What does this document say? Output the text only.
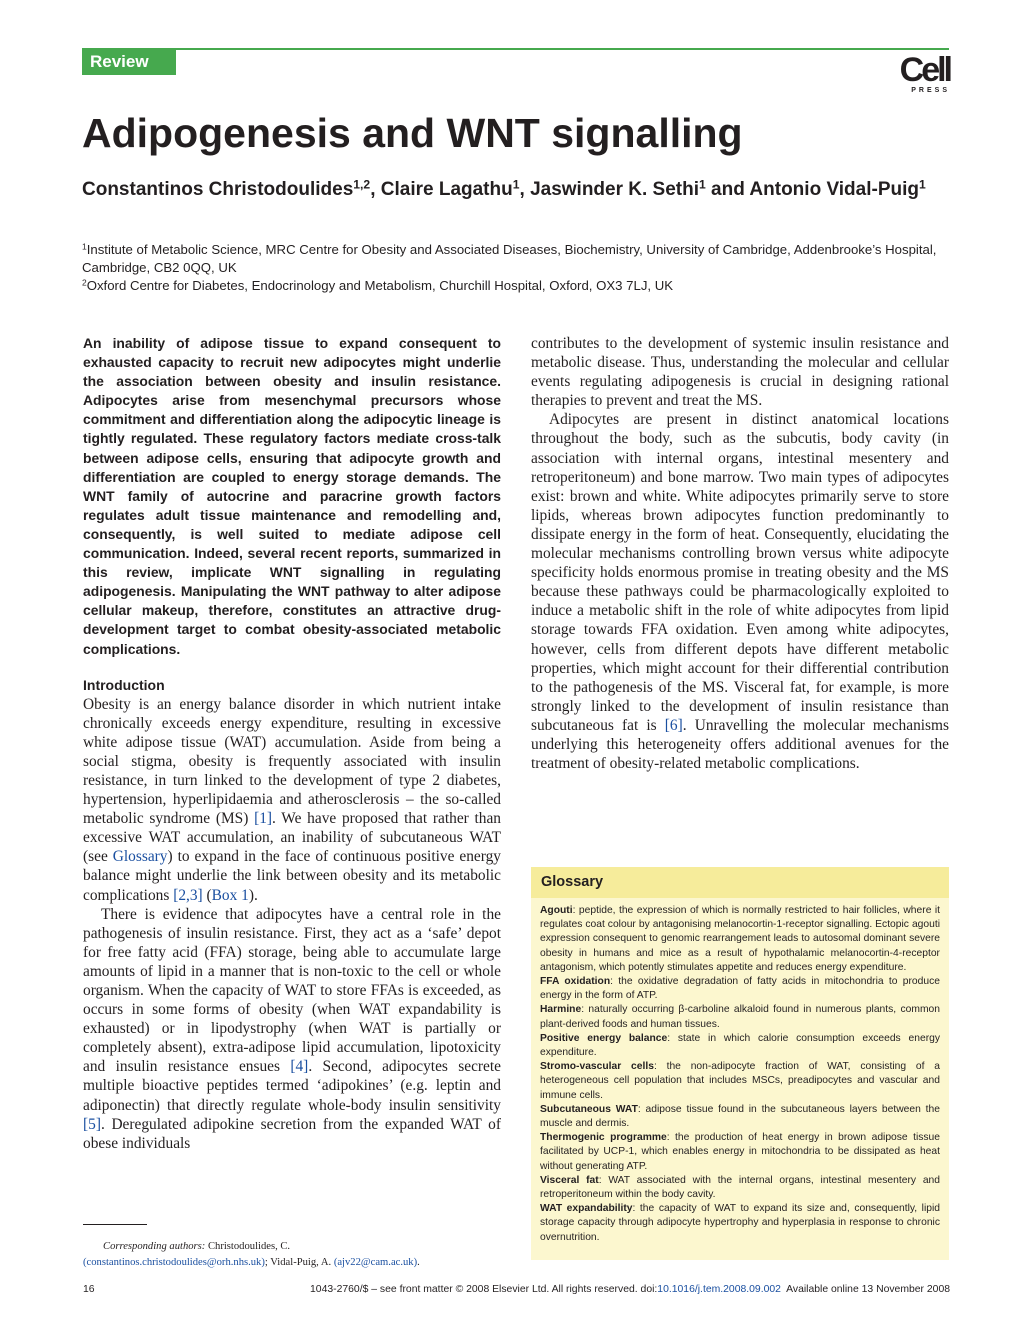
Review	Cell
PRESS
Adipogenesis and WNT signalling

Constantinos Christodoulides$^{1,2}$, Claire Lagathu$^1$, Jaswinder K. Sethi$^1$ and Antonio Vidal-Puig$^1$

$^1$Institute of Metabolic Science, MRC Centre for Obesity and Associated Diseases, Biochemistry, University of Cambridge, Addenbrooke’s Hospital, Cambridge, CB2 0QQ, UK

$^2$Oxford Centre for Diabetes, Endocrinology and Metabolism, Churchill Hospital, Oxford, OX3 7LJ, UK

An inability of adipose tissue to expand consequent to exhausted capacity to recruit new adipocytes might underlie the association between obesity and insulin resistance. Adipocytes arise from mesenchymal precursors whose commitment and differentiation along the adipocytic lineage is tightly regulated. These regulatory factors mediate cross-talk between adipose cells, ensuring that adipocyte growth and differentiation are coupled to energy storage demands. The WNT family of autocrine and paracrine growth factors regulates adult tissue maintenance and remodelling and, consequently, is well suited to mediate adipose cell communication. Indeed, several recent reports, summarized in this review, implicate WNT signalling in regulating adipogenesis. Manipulating the WNT pathway to alter adipose cellular makeup, therefore, constitutes an attractive drug-development target to combat obesity-associated metabolic complications.

Introduction

Obesity is an energy balance disorder in which nutrient intake chronically exceeds energy expenditure, resulting in excessive white adipose tissue (WAT) accumulation. Aside from being a social stigma, obesity is frequently associated with insulin resistance, in turn linked to the development of type 2 diabetes, hypertension, hyperlipidaemia and atherosclerosis – the so-called metabolic syndrome (MS) [1]. We have proposed that rather than excessive WAT accumulation, an inability of subcutaneous WAT (see Glossary) to expand in the face of continuous positive energy balance might underlie the link between obesity and its metabolic complications [2,3] (Box 1).

There is evidence that adipocytes have a central role in the pathogenesis of insulin resistance. First, they act as a ‘safe’ depot for free fatty acid (FFA) storage, being able to accumulate large amounts of lipid in a manner that is non-toxic to the cell or whole organism. When the capacity of WAT to store FFAs is exceeded, as occurs in some forms of obesity (when WAT expandability is exhausted) or in lipodystrophy (when WAT is partially or completely absent), extra-adipose lipid accumulation, lipotoxicity and insulin resistance ensues [4]. Second, adipocytes secrete multiple bioactive peptides termed ‘adipokines’ (e.g. leptin and adiponectin) that directly regulate whole-body insulin sensitivity [5]. Deregulated adipokine secretion from the expanded WAT of obese individuals

contributes to the development of systemic insulin resistance and metabolic disease. Thus, understanding the molecular and cellular events regulating adipogenesis is crucial in designing rational therapies to prevent and treat the MS.

Adipocytes are present in distinct anatomical locations throughout the body, such as the subcutis, body cavity (in association with internal organs, intestinal mesentery and retroperitoneum) and bone marrow. Two main types of adipocytes exist: brown and white. White adipocytes primarily serve to store lipids, whereas brown adipocytes function predominantly to dissipate energy in the form of heat. Consequently, elucidating the molecular mechanisms controlling brown versus white adipocyte specificity holds enormous promise in treating obesity and the MS because these pathways could be pharmacologically exploited to induce a metabolic shift in the role of white adipocytes from lipid storage towards FFA oxidation. Even among white adipocytes, however, cells from different depots have different metabolic properties, which might account for their differential contribution to the pathogenesis of the MS. Visceral fat, for example, is more strongly linked to the development of insulin resistance than subcutaneous fat is [6]. Unravelling the molecular mechanisms underlying this heterogeneity offers additional avenues for the treatment of obesity-related metabolic complications.

Glossary

Agouti: peptide, the expression of which is normally restricted to hair follicles, where it regulates coat colour by antagonising melanocortin-1-receptor signalling. Ectopic agouti expression consequent to genomic rearrangement leads to autosomal dominant severe obesity in humans and mice as a result of hypothalamic melanocortin-4-receptor antagonism, which potently stimulates appetite and reduces energy expenditure.

FFA oxidation: the oxidative degradation of fatty acids in mitochondria to produce energy in the form of ATP.

Harmine: naturally occurring β-carboline alkaloid found in numerous plants, common plant-derived foods and human tissues.

Positive energy balance: state in which calorie consumption exceeds energy expenditure.

Stromo-vascular cells: the non-adipocyte fraction of WAT, consisting of a heterogeneous cell population that includes MSCs, preadipocytes and vascular and immune cells.

Subcutaneous WAT: adipose tissue found in the subcutaneous layers between the muscle and dermis.

Thermogenic programme: the production of heat energy in brown adipose tissue facilitated by UCP-1, which enables energy in mitochondria to be dissipated as heat without generating ATP.

Visceral fat: WAT associated with the internal organs, intestinal mesentery and retroperitoneum within the body cavity.

WAT expandability: the capacity of WAT to expand its size and, consequently, lipid storage capacity through adipocyte hypertrophy and hyperplasia in response to chronic overnutrition.

Corresponding authors: Christodoulides, C.

(constantinos.christodoulides@orh.nhs.uk); Vidal-Puig, A. (ajv22@cam.ac.uk).

16	1043-2760/$ – see front matter © 2008 Elsevier Ltd. All rights reserved. doi:10.1016/j.tem.2008.09.002  Available online 13 November 2008
